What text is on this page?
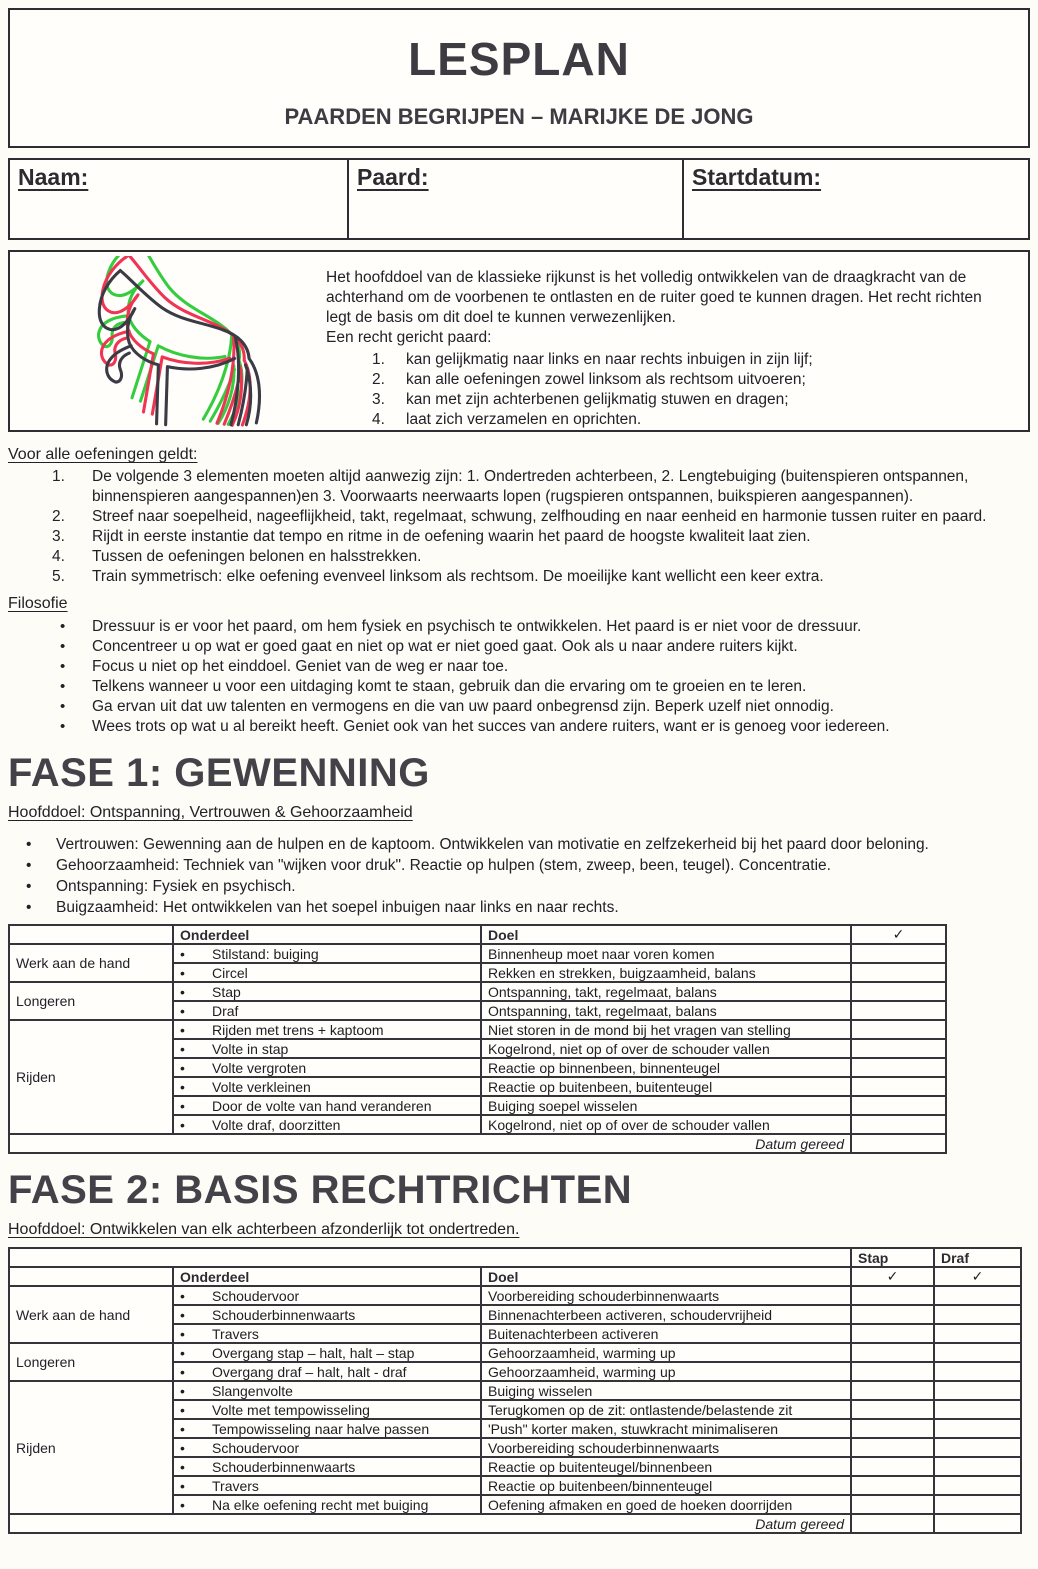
LESPLAN
PAARDEN BEGRIJPEN – MARIJKE DE JONG
Naam:	Paard:	Startdatum:

Het hoofddoel van de klassieke rijkunst is het volledig ontwikkelen van de draagkracht van de achterhand om de voorbenen te ontlasten en de ruiter goed te kunnen dragen. Het recht richten legt de basis om dit doel te kunnen verwezenlijken.

Een recht gericht paard:

kan gelijkmatig naar links en naar rechts inbuigen in zijn lijf;
kan alle oefeningen zowel linksom als rechtsom uitvoeren;
kan met zijn achterbenen gelijkmatig stuwen en dragen;
laat zich verzamelen en oprichten.

Voor alle oefeningen geldt:

De volgende 3 elementen moeten altijd aanwezig zijn: 1. Ondertreden achterbeen, 2. Lengtebuiging (buitenspieren ontspannen, binnenspieren aangespannen)en 3. Voorwaarts neerwaarts lopen (rugspieren ontspannen, buikspieren aangespannen).
Streef naar soepelheid, nageeflijkheid, takt, regelmaat, schwung, zelfhouding en naar eenheid en harmonie tussen ruiter en paard.
Rijdt in eerste instantie dat tempo en ritme in de oefening waarin het paard de hoogste kwaliteit laat zien.
Tussen de oefeningen belonen en halsstrekken.
Train symmetrisch: elke oefening evenveel linksom als rechtsom. De moeilijke kant wellicht een keer extra.

Filosofie

• Dressuur is er voor het paard, om hem fysiek en psychisch te ontwikkelen. Het paard is er niet voor de dressuur.
• Concentreer u op wat er goed gaat en niet op wat er niet goed gaat. Ook als u naar andere ruiters kijkt.
• Focus u niet op het einddoel. Geniet van de weg er naar toe.
• Telkens wanneer u voor een uitdaging komt te staan, gebruik dan die ervaring om te groeien en te leren.
• Ga ervan uit dat uw talenten en vermogens en die van uw paard onbegrensd zijn. Beperk uzelf niet onnodig.
• Wees trots op wat u al bereikt heeft. Geniet ook van het succes van andere ruiters, want er is genoeg voor iedereen.
FASE 1: GEWENNING

Hoofddoel: Ontspanning, Vertrouwen & Gehoorzaamheid

• Vertrouwen: Gewenning aan de hulpen en de kaptoom. Ontwikkelen van motivatie en zelfzekerheid bij het paard door beloning.
• Gehoorzaamheid: Techniek van "wijken voor druk". Reactie op hulpen (stem, zweep, been, teugel). Concentratie.
• Ontspanning: Fysiek en psychisch.
• Buigzaamheid: Het ontwikkelen van het soepel inbuigen naar links en naar rechts.
	Onderdeel	Doel	✓
Werk aan de hand	• Stilstand: buiging	Binnenheup moet naar voren komen	
	• Circel	Rekken en strekken, buigzaamheid, balans	
Longeren	• Stap	Ontspanning, takt, regelmaat, balans	
	• Draf	Ontspanning, takt, regelmaat, balans	
Rijden	• Rijden met trens + kaptoom	Niet storen in de mond bij het vragen van stelling	
	• Volte in stap	Kogelrond, niet op of over de schouder vallen	
	• Volte vergroten	Reactie op binnenbeen, binnenteugel	
	• Volte verkleinen	Reactie op buitenbeen, buitenteugel	
	• Door de volte van hand veranderen	Buiging soepel wisselen	
	• Volte draf, doorzitten	Kogelrond, niet op of over de schouder vallen	
Datum gereed			
FASE 2: BASIS RECHTRICHTEN

Hoofddoel: Ontwikkelen van elk achterbeen afzonderlijk tot ondertreden.

			Stap	Draf
	Onderdeel	Doel	✓	✓
Werk aan de hand	• Schoudervoor	Voorbereiding schouderbinnenwaarts		
	• Schouderbinnenwaarts	Binnenachterbeen activeren, schoudervrijheid		
	• Travers	Buitenachterbeen activeren		
Longeren	• Overgang stap – halt, halt – stap	Gehoorzaamheid, warming up		
	• Overgang draf – halt, halt - draf	Gehoorzaamheid, warming up		
Rijden	• Slangenvolte	Buiging wisselen		
	• Volte met tempowisseling	Terugkomen op de zit: ontlastende/belastende zit		
	• Tempowisseling naar halve passen	'Push" korter maken, stuwkracht minimaliseren		
	• Schoudervoor	Voorbereiding schouderbinnenwaarts		
	• Schouderbinnenwaarts	Reactie op buitenteugel/binnenbeen		
	• Travers	Reactie op buitenbeen/binnenteugel		
	• Na elke oefening recht met buiging	Oefening afmaken en goed de hoeken doorrijden		
Datum gereed				
